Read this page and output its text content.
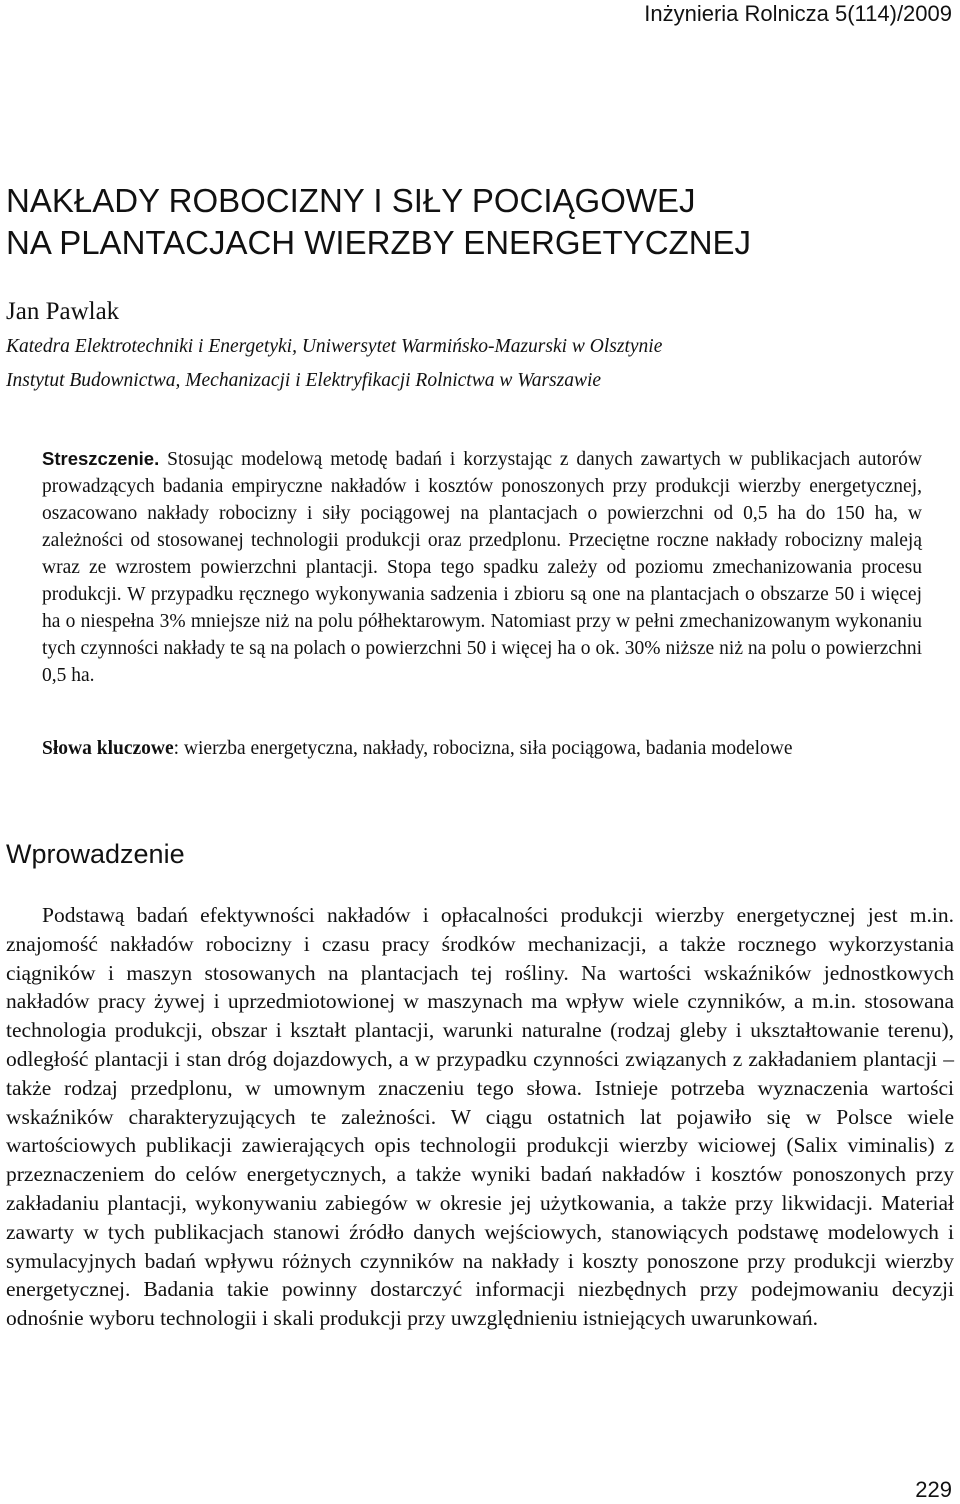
Inżynieria Rolnicza 5(114)/2009
NAKŁADY ROBOCIZNY I SIŁY POCIĄGOWEJ
NA PLANTACJACH WIERZBY ENERGETYCZNEJ
Jan Pawlak
Katedra Elektrotechniki i Energetyki, Uniwersytet Warmińsko-Mazurski w Olsztynie
Instytut Budownictwa, Mechanizacji i Elektryfikacji Rolnictwa w Warszawie

Streszczenie. Stosując modelową metodę badań i korzystając z danych zawartych w publikacjach autorów prowadzących badania empiryczne nakładów i kosztów ponoszonych przy produkcji wierzby energetycznej, oszacowano nakłady robocizny i siły pociągowej na plantacjach o powierzchni od 0,5 ha do 150 ha, w zależności od stosowanej technologii produkcji oraz przedplonu. Przeciętne roczne nakłady robocizny maleją wraz ze wzrostem powierzchni plantacji. Stopa tego spadku zależy od poziomu zmechanizowania procesu produkcji. W przypadku ręcznego wykonywania sadzenia i zbioru są one na plantacjach o obszarze 50 i więcej ha o niespełna 3% mniejsze niż na polu półhektarowym. Natomiast przy w pełni zmechanizowanym wykonaniu tych czynności nakłady te są na polach o powierzchni 50 i więcej ha o ok. 30% niższe niż na polu o powierzchni 0,5 ha.

Słowa kluczowe: wierzba energetyczna, nakłady, robocizna, siła pociągowa, badania modelowe

Wprowadzenie

Podstawą badań efektywności nakładów i opłacalności produkcji wierzby energetycznej jest m.in. znajomość nakładów robocizny i czasu pracy środków mechanizacji, a także rocznego wykorzystania ciągników i maszyn stosowanych na plantacjach tej rośliny. Na wartości wskaźników jednostkowych nakładów pracy żywej i uprzedmiotowionej w maszynach ma wpływ wiele czynników, a m.in. stosowana technologia produkcji, obszar i kształt plantacji, warunki naturalne (rodzaj gleby i ukształtowanie terenu), odległość plantacji i stan dróg dojazdowych, a w przypadku czynności związanych z zakładaniem plantacji – także rodzaj przedplonu, w umownym znaczeniu tego słowa. Istnieje potrzeba wyznaczenia wartości wskaźników charakteryzujących te zależności. W ciągu ostatnich lat pojawiło się w Polsce wiele wartościowych publikacji zawierających opis technologii produkcji wierzby wiciowej (Salix viminalis) z przeznaczeniem do celów energetycznych, a także wyniki badań nakładów i kosztów ponoszonych przy zakładaniu plantacji, wykonywaniu zabiegów w okresie jej użytkowania, a także przy likwidacji. Materiał zawarty w tych publikacjach stanowi źródło danych wejściowych, stanowiących podstawę modelowych i symulacyjnych badań wpływu różnych czynników na nakłady i koszty ponoszone przy produkcji wierzby energetycznej. Badania takie powinny dostarczyć informacji niezbędnych przy podejmowaniu decyzji odnośnie wyboru technologii i skali produkcji przy uwzględnieniu istniejących uwarunkowań.

229
